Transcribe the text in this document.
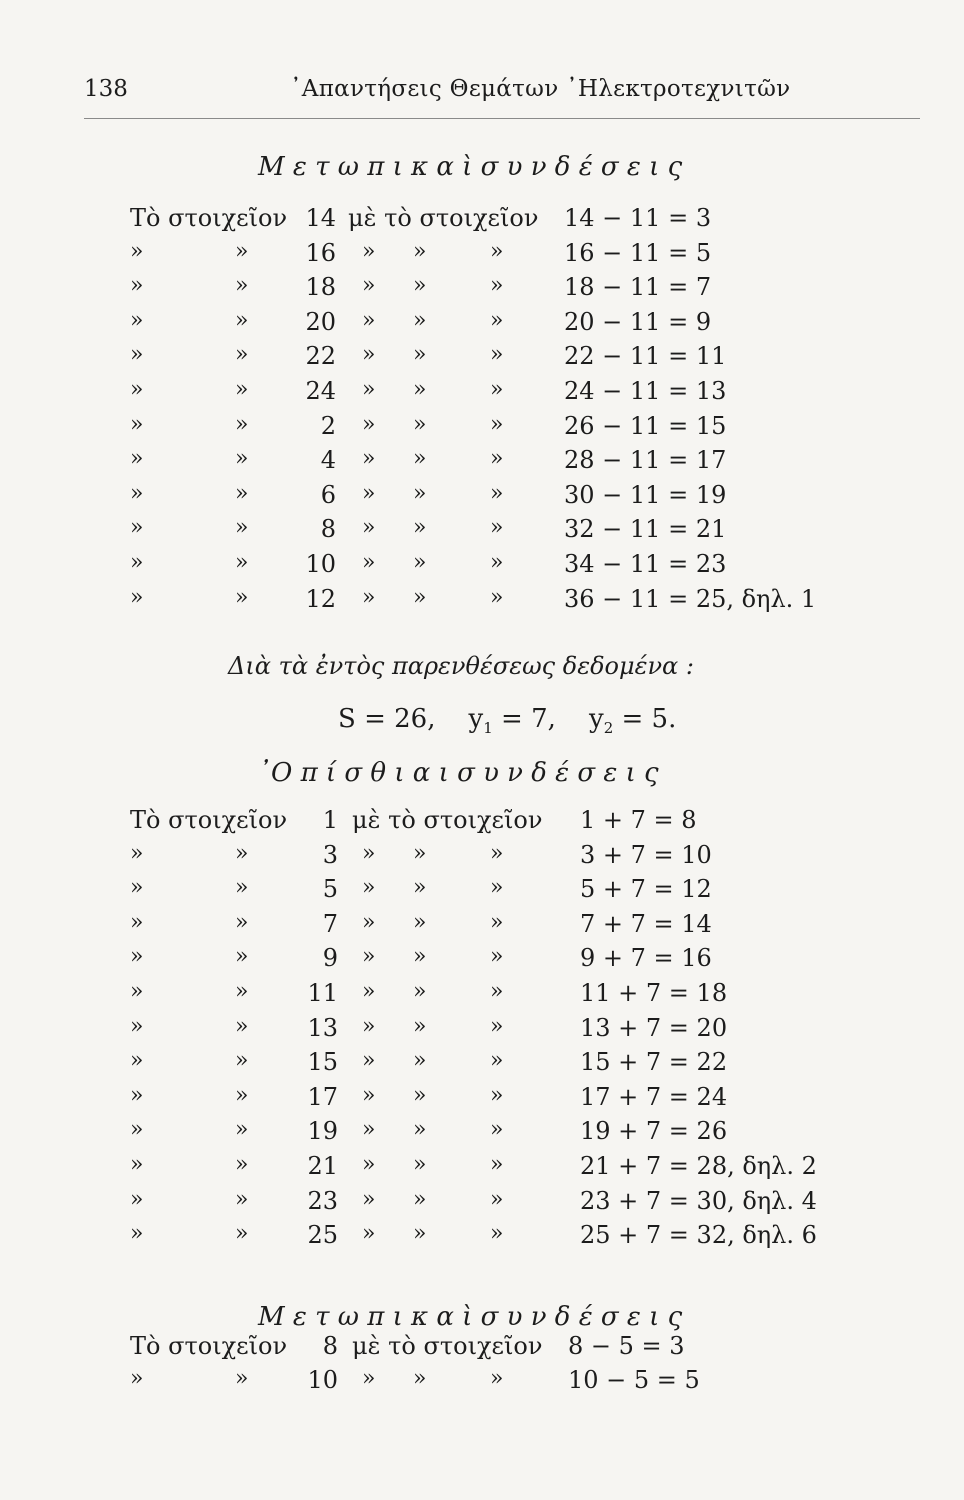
138	᾿Απαντήσεις Θεμάτων ᾿Ηλεκτροτεχνιτῶν
Μ ε τ ω π ι κ α ὶ σ υ ν δ έ σ ε ι ς
Τὸ στοιχεῖον 14 μὲ τὸ στοιχεῖον 14 − 11 = 3
»	»	16 » »	»	16 − 11 = 5
»	»	18 » »	»	18 − 11 = 7
»	»	20 » »	»	20 − 11 = 9
»	»	22 » »	»	22 − 11 = 11
»	»	24 » »	»	24 − 11 = 13
»	»	2 » »	»	26 − 11 = 15
»	»	4 » »	»	28 − 11 = 17
»	»	6 » »	»	30 − 11 = 19
»	»	8 » »	»	32 − 11 = 21
»	»	10 » »	»	34 − 11 = 23
»	»	12 » »	»	36 − 11 = 25, δηλ. 1
Διὰ τὰ ἐντὸς παρενθέσεως δεδομένα :
S = 26, $y_1 = 7$, $y_2 = 5$.
᾿Ο π ί σ θ ι α ι σ υ ν δ έ σ ε ι ς
Τὸ στοιχεῖον	1 μὲ τὸ στοιχεῖον 1 + 7 = 8
»	»	3 » »	»	3 + 7 = 10
»	»	5 » »	»	5 + 7 = 12
»	»	7 » »	»	7 + 7 = 14
»	»	9 » »	»	9 + 7 = 16
»	»	11 » »	»	11 + 7 = 18
»	»	13 » »	»	13 + 7 = 20
»	»	15 » »	»	15 + 7 = 22
»	»	17 » »	»	17 + 7 = 24
»	»	19 » »	»	19 + 7 = 26
»	»	21 » »	»	21 + 7 = 28, δηλ. 2
»	»	23 » »	»	23 + 7 = 30, δηλ. 4
»	»	25 » »	»	25 + 7 = 32, δηλ. 6
Μ ε τ ω π ι κ α ὶ σ υ ν δ έ σ ε ι ς
Τὸ στοιχεῖον	8 μὲ τὸ στοιχεῖον 8 − 5 = 3
»	»	10 » »	»	10 − 5 = 5
